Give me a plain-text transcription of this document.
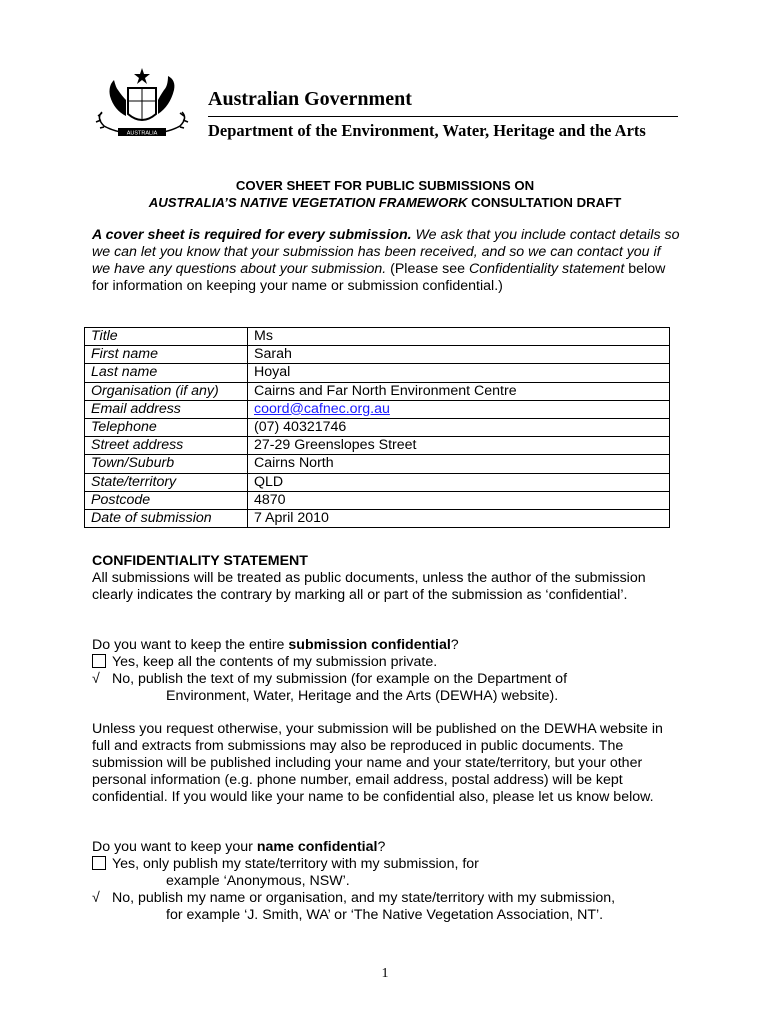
AUSTRALIA
Australian Government
Department of the Environment, Water, Heritage and the Arts
COVER SHEET FOR PUBLIC SUBMISSIONS ON
AUSTRALIA’S NATIVE VEGETATION FRAMEWORK CONSULTATION DRAFT
A cover sheet is required for every submission. We ask that you include contact details so we can let you know that your submission has been received, and so we can contact you if we have any questions about your submission. (Please see Confidentiality statement below for information on keeping your name or submission confidential.)
Title	Ms
First name	Sarah
Last name	Hoyal
Organisation (if any)	Cairns and Far North Environment Centre
Email address	coord@cafnec.org.au
Telephone	(07) 40321746
Street address	27-29 Greenslopes Street
Town/Suburb	Cairns North
State/territory	QLD
Postcode	4870
Date of submission	7 April 2010
CONFIDENTIALITY STATEMENT
All submissions will be treated as public documents, unless the author of the submission clearly indicates the contrary by marking all or part of the submission as ‘confidential’.
Do you want to keep the entire submission confidential?
Yes, keep all the contents of my submission private.
√ No, publish the text of my submission (for example on the Department of
Environment, Water, Heritage and the Arts (DEWHA) website).
Unless you request otherwise, your submission will be published on the DEWHA website in full and extracts from submissions may also be reproduced in public documents. The submission will be published including your name and your state/territory, but your other personal information (e.g. phone number, email address, postal address) will be kept confidential. If you would like your name to be confidential also, please let us know below.
Do you want to keep your name confidential?
Yes, only publish my state/territory with my submission, for
example ‘Anonymous, NSW’.
√ No, publish my name or organisation, and my state/territory with my submission,
for example ‘J. Smith, WA’ or ‘The Native Vegetation Association, NT’.
1
